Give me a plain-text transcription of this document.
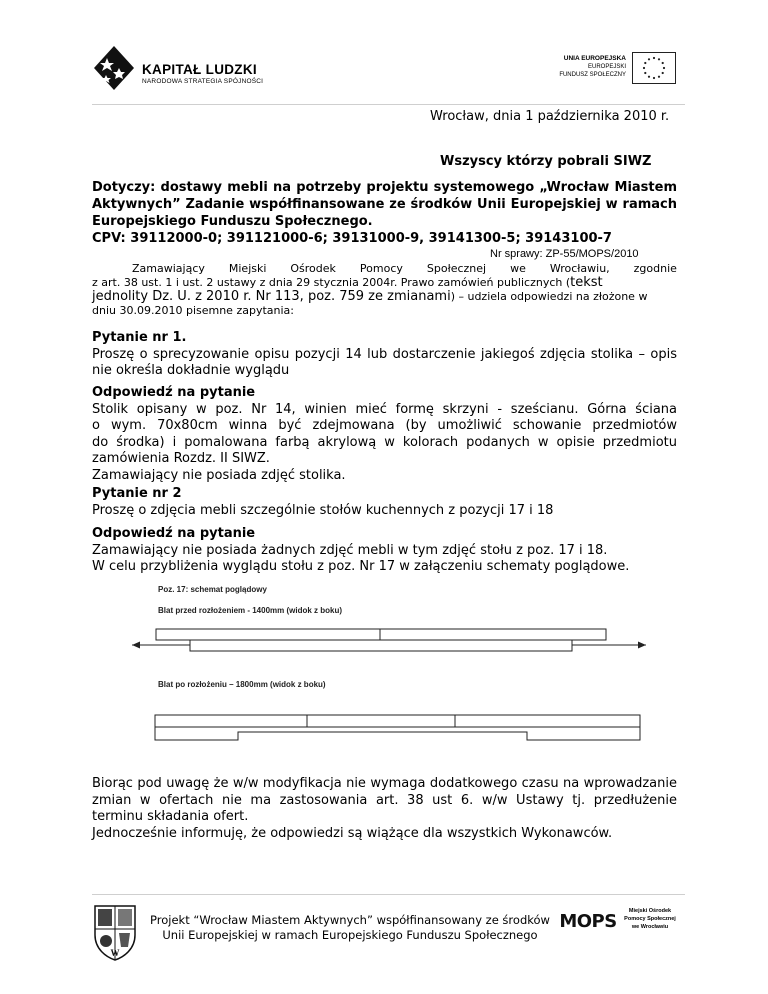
KAPITAŁ LUDZKI
NARODOWA STRATEGIA SPÓJNOŚCI
UNIA EUROPEJSKA
EUROPEJSKI
FUNDUSZ SPOŁECZNY
Wrocław, dnia 1 października 2010 r.
Wszyscy którzy pobrali SIWZ
Dotyczy: dostawy mebli na potrzeby projektu systemowego „Wrocław Miastem
Aktywnych” Zadanie współfinansowane ze środków Unii Europejskiej w ramach
Europejskiego Funduszu Społecznego.
CPV: 39112000-0; 391121000-6; 39131000-9, 39141300-5; 39143100-7
Nr sprawy: ZP-55/MOPS/2010
Zamawiający Miejski Ośrodek Pomocy Społecznej we Wrocławiu, zgodnie
z art. 38 ust. 1 i ust. 2 ustawy z dnia 29 stycznia 2004r. Prawo zamówień publicznych (tekst
jednolity Dz. U. z 2010 r. Nr 113, poz. 759 ze zmianami) – udziela odpowiedzi na złożone w
dniu 30.09.2010 pisemne zapytania:
Pytanie nr 1.
Proszę o sprecyzowanie opisu pozycji 14 lub dostarczenie jakiegoś zdjęcia stolika – opis
nie określa dokładnie wyglądu
Odpowiedź na pytanie
Stolik opisany w poz. Nr 14, winien mieć formę skrzyni - sześcianu. Górna ściana
o wym. 70x80cm winna być zdejmowana (by umożliwić schowanie przedmiotów
do środka) i pomalowana farbą akrylową w kolorach podanych w opisie przedmiotu
zamówienia Rozdz. II SIWZ.
Zamawiający nie posiada zdjęć stolika.
Pytanie nr 2
Proszę o zdjęcia mebli szczególnie stołów kuchennych z pozycji 17 i 18
Odpowiedź na pytanie
Zamawiający nie posiada żadnych zdjęć mebli w tym zdjęć stołu z poz. 17 i 18.
W celu przybliżenia wyglądu stołu z poz. Nr 17 w załączeniu schematy poglądowe.
Poz. 17: schemat poglądowy
Blat przed rozłożeniem - 1400mm (widok z boku)
Blat po rozłożeniu – 1800mm (widok z boku)
Biorąc pod uwagę że w/w modyfikacja nie wymaga dodatkowego czasu na wprowadzanie
zmian w ofertach nie ma zastosowania art. 38 ust 6. w/w Ustawy tj. przedłużenie
terminu składania ofert.
Jednocześnie informuję, że odpowiedzi są wiążące dla wszystkich Wykonawców.
W
Projekt “Wrocław Miastem Aktywnych” współfinansowany ze środków
Unii Europejskiej w ramach Europejskiego Funduszu Społecznego
MOPS	Miejski Ośrodek
Pomocy Społecznej
we Wrocławiu
